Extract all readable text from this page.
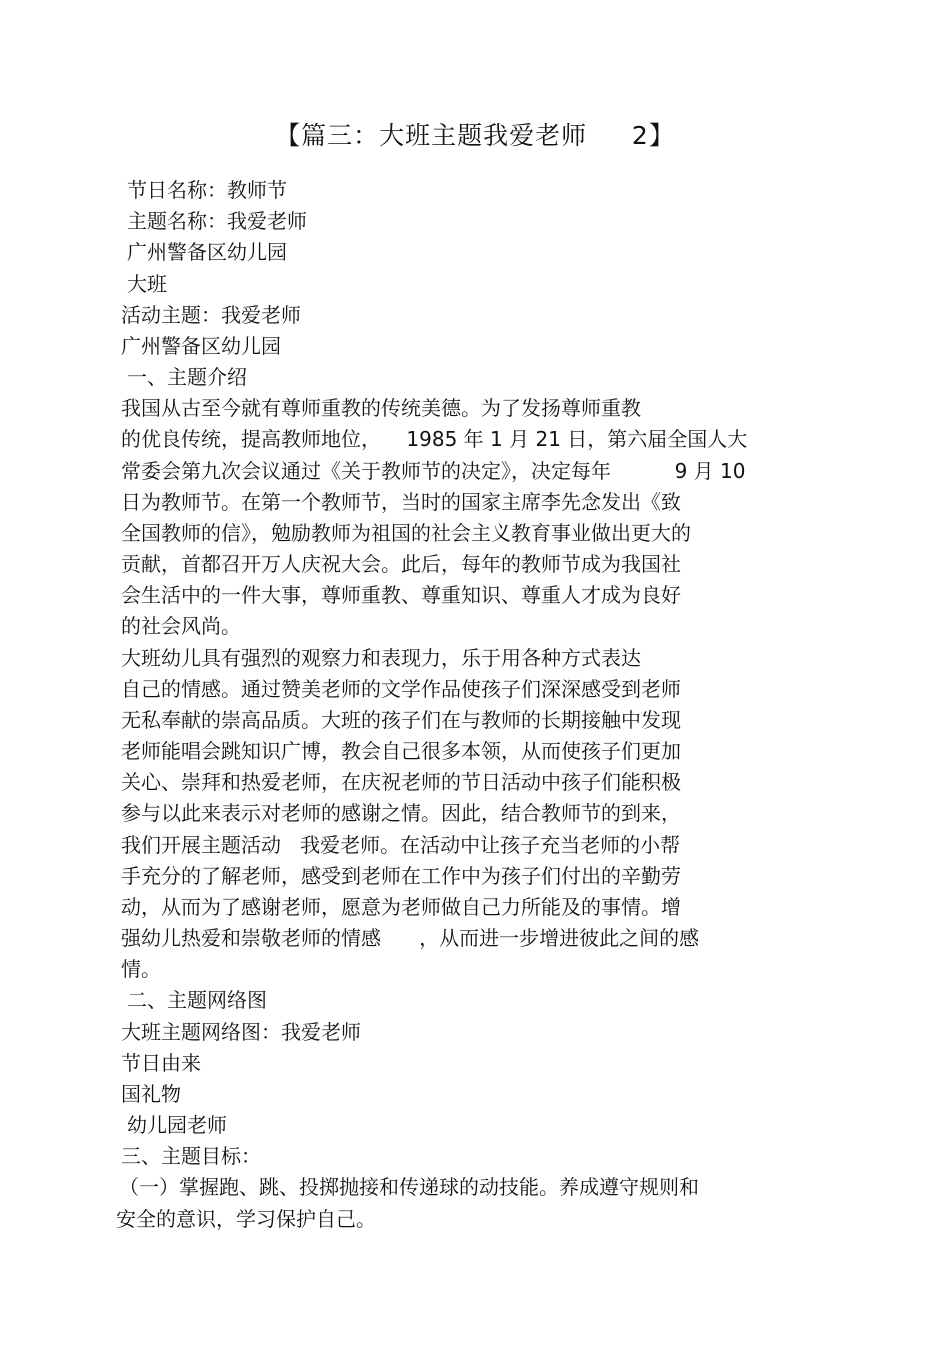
【篇三：大班主题我爱老师     2】
节日名称：教师节
主题名称：我爱老师
广州警备区幼儿园
大班
活动主题：我爱老师
广州警备区幼儿园
一、主题介绍
我国从古至今就有尊师重教的传统美德。为了发扬尊师重教
的优良传统，提高教师地位，    1985 年 1 月 21 日，第六届全国人大
常委会第九次会议通过《关于教师节的决定》，决定每年          9 月 10
日为教师节。在第一个教师节，当时的国家主席李先念发出《致
全国教师的信》，勉励教师为祖国的社会主义教育事业做出更大的
贡献，首都召开万人庆祝大会。此后，每年的教师节成为我国社
会生活中的一件大事，尊师重教、尊重知识、尊重人才成为良好
的社会风尚。
大班幼儿具有强烈的观察力和表现力，乐于用各种方式表达
自己的情感。通过赞美老师的文学作品使孩子们深深感受到老师
无私奉献的崇高品质。大班的孩子们在与教师的长期接触中发现
老师能唱会跳知识广博，教会自己很多本领，从而使孩子们更加
关心、崇拜和热爱老师，在庆祝老师的节日活动中孩子们能积极
参与以此来表示对老师的感谢之情。因此，结合教师节的到来，
我们开展主题活动   我爱老师。在活动中让孩子充当老师的小帮
手充分的了解老师，感受到老师在工作中为孩子们付出的辛勤劳
动，从而为了感谢老师，愿意为老师做自己力所能及的事情。增
强幼儿热爱和崇敬老师的情感      ，从而进一步增进彼此之间的感
情。
二、主题网络图
大班主题网络图：我爱老师
节日由来
国礼物
幼儿园老师
三、主题目标：
（一）掌握跑、跳、投掷抛接和传递球的动技能。养成遵守规则和
安全的意识，学习保护自己。
